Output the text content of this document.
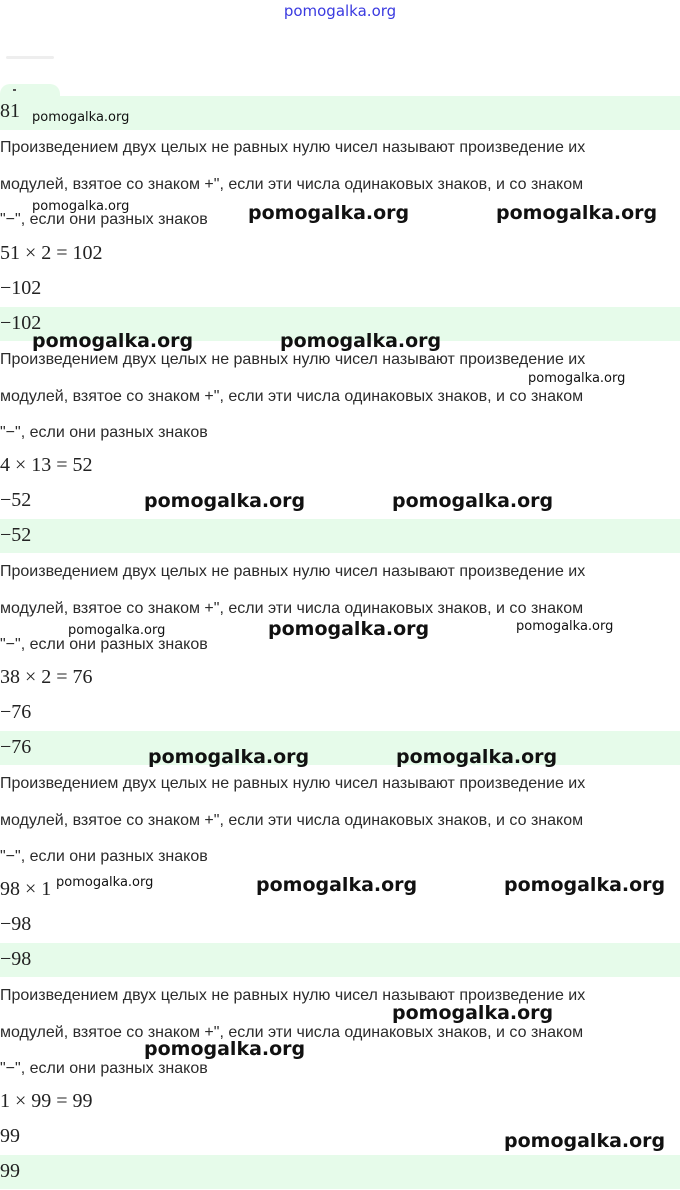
pomogalka.org
81
Произведением двух целых не равных нулю чисел называют произведение их
модулей, взятое со знаком +", если эти числа одинаковых знаков, и со знаком
"−", если они разных знаков
51 × 2 = 102
−102
−102
Произведением двух целых не равных нулю чисел называют произведение их
модулей, взятое со знаком +", если эти числа одинаковых знаков, и со знаком
"−", если они разных знаков
4 × 13 = 52
−52
−52
Произведением двух целых не равных нулю чисел называют произведение их
модулей, взятое со знаком +", если эти числа одинаковых знаков, и со знаком
"−", если они разных знаков
38 × 2 = 76
−76
−76
Произведением двух целых не равных нулю чисел называют произведение их
модулей, взятое со знаком +", если эти числа одинаковых знаков, и со знаком
"−", если они разных знаков
98 × 1
−98
−98
Произведением двух целых не равных нулю чисел называют произведение их
модулей, взятое со знаком +", если эти числа одинаковых знаков, и со знаком
"−", если они разных знаков
1 × 99 = 99
99
99
pomogalka.org
pomogalka.org	pomogalka.org	pomogalka.org
pomogalka.org	pomogalka.org
pomogalka.org
pomogalka.org	pomogalka.org
pomogalka.org	pomogalka.org	pomogalka.org
pomogalka.org	pomogalka.org
pomogalka.org	pomogalka.org	pomogalka.org
pomogalka.org
pomogalka.org
pomogalka.org
